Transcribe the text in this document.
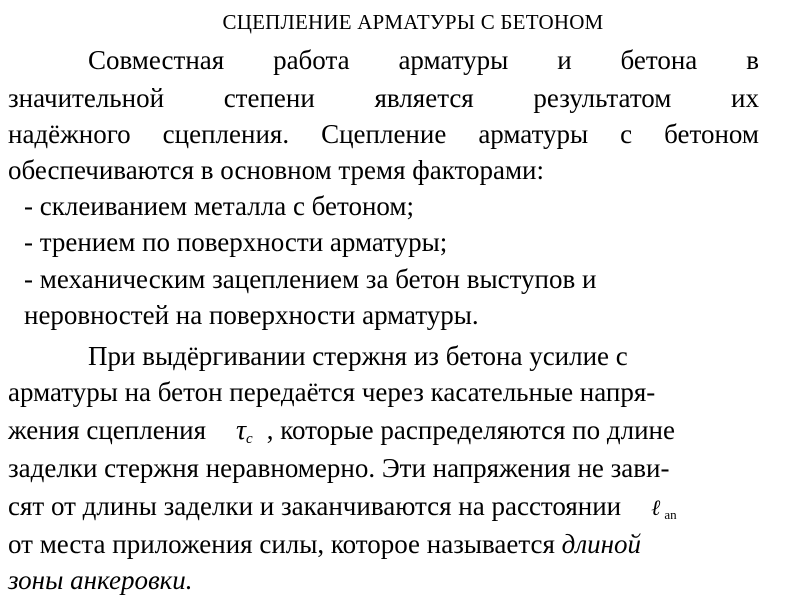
СЦЕПЛЕНИЕ АРМАТУРЫ С БЕТОНОМ
Совместная работа арматуры и бетона в
значительной степени является результатом их
надёжного сцепления. Сцепление арматуры с бетоном
обеспечиваются в основном тремя факторами:
- склеиванием металла с бетоном;
- трением по поверхности арматуры;
- механическим зацеплением за бетон выступов и
неровностей на поверхности арматуры.
При выдёргивании стержня из бетона усилие с
арматуры на бетон передаётся через касательные напря-
жения сцепления $\tau_c$ , которые распределяются по длине
заделки стержня неравномерно. Эти напряжения не зави-
сят от длины заделки и заканчиваются на расстоянии ℓ $_{an}$
от места приложения силы, которое называется длиной
зоны анкеровки.
